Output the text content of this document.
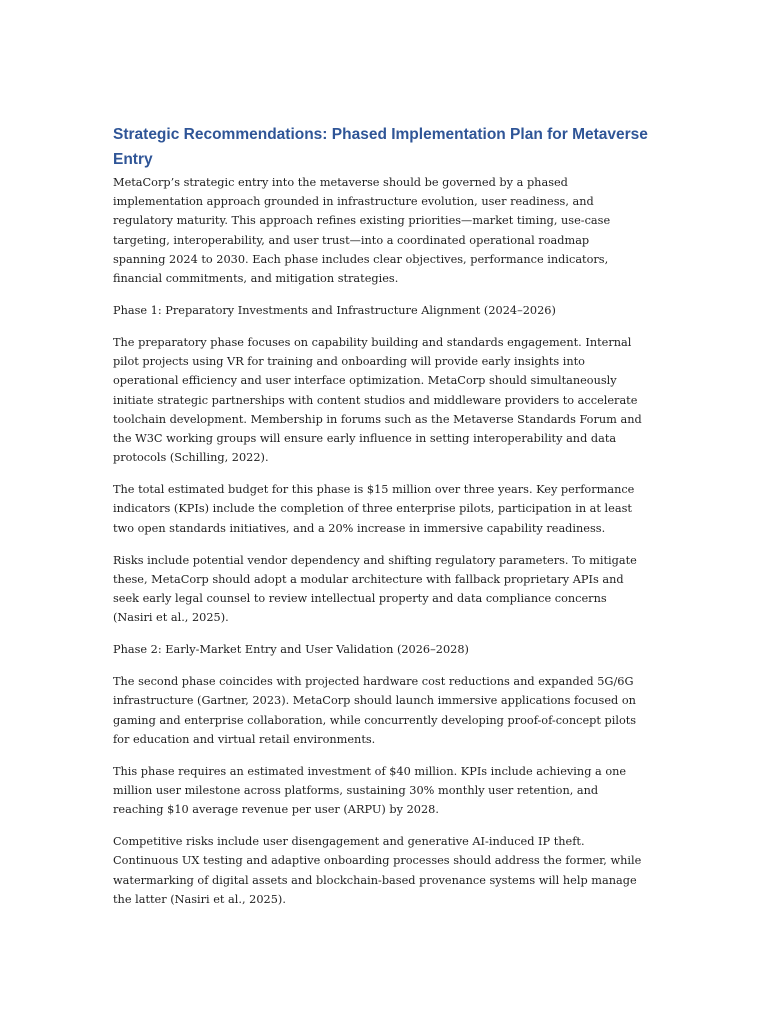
Strategic Recommendations: Phased Implementation Plan for Metaverse Entry

MetaCorp’s strategic entry into the metaverse should be governed by a phased
implementation approach grounded in infrastructure evolution, user readiness, and
regulatory maturity. This approach refines existing priorities—market timing, use-case
targeting, interoperability, and user trust—into a coordinated operational roadmap
spanning 2024 to 2030. Each phase includes clear objectives, performance indicators,
financial commitments, and mitigation strategies.

Phase 1: Preparatory Investments and Infrastructure Alignment (2024–2026)

The preparatory phase focuses on capability building and standards engagement. Internal
pilot projects using VR for training and onboarding will provide early insights into
operational efficiency and user interface optimization. MetaCorp should simultaneously
initiate strategic partnerships with content studios and middleware providers to accelerate
toolchain development. Membership in forums such as the Metaverse Standards Forum and
the W3C working groups will ensure early influence in setting interoperability and data
protocols (Schilling, 2022).

The total estimated budget for this phase is $15 million over three years. Key performance
indicators (KPIs) include the completion of three enterprise pilots, participation in at least
two open standards initiatives, and a 20% increase in immersive capability readiness.

Risks include potential vendor dependency and shifting regulatory parameters. To mitigate
these, MetaCorp should adopt a modular architecture with fallback proprietary APIs and
seek early legal counsel to review intellectual property and data compliance concerns
(Nasiri et al., 2025).

Phase 2: Early-Market Entry and User Validation (2026–2028)

The second phase coincides with projected hardware cost reductions and expanded 5G/6G
infrastructure (Gartner, 2023). MetaCorp should launch immersive applications focused on
gaming and enterprise collaboration, while concurrently developing proof-of-concept pilots
for education and virtual retail environments.

This phase requires an estimated investment of $40 million. KPIs include achieving a one
million user milestone across platforms, sustaining 30% monthly user retention, and
reaching $10 average revenue per user (ARPU) by 2028.

Competitive risks include user disengagement and generative AI-induced IP theft.
Continuous UX testing and adaptive onboarding processes should address the former, while
watermarking of digital assets and blockchain-based provenance systems will help manage
the latter (Nasiri et al., 2025).
